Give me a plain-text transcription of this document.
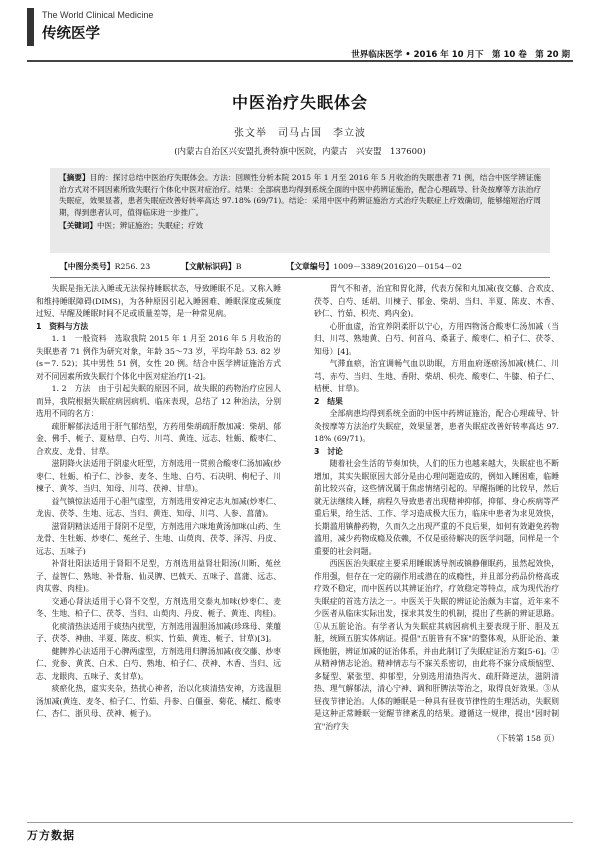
The World Clinical Medicine
传统医学
世界临床医学 • 2016 年 10 月下　第 10 卷　第 20 期
中医治疗失眠体会
张文举　司马占国　李立波
(内蒙古自治区兴安盟扎赉特旗中医院，内蒙古　兴安盟　137600)
【摘要】目的：探讨总结中医治疗失眠体会。方法：回顾性分析本院 2015 年 1 月至 2016 年 5 月收治的失眠患者 71 例，结合中医学辨证施治方式对不同因素所致失眠行个体化中医对症治疗。结果：全部病患均得到系统全面的中医中药辨证施治，配合心理疏导、针灸按摩等方法治疗失眠症，效果显著，患者失眠症改善好转率高达 97.18% (69/71)。结论：采用中医中药辨证施治方式治疗失眠症上疗效确切，能够缩短治疗周期，得到患者认可，值得临床进一步推广。
【关键词】中医；辨证施治；失眠症；疗效
【中图分类号】R256. 23	【文献标识码】B	【文章编号】1009－3389(2016)20－0154－02

失眠是指无法入睡或无法保持睡眠状态，导致睡眠不足。又称入睡和维持睡眠障碍(DIMS)，为各种原因引起入睡困难、睡眠深度或频度过短、早醒及睡眠时间不足或质量差等，是一种常见病。

1　资料与方法

1. 1　一般资料　选取我院 2015 年 1 月至 2016 年 5 月收治的失眠患者 71 例作为研究对象，年龄 35～73 岁，平均年龄 53. 82 岁(s＝7. 52)；其中男性 51 例，女性 20 例。结合中医学辨证施治方式对不同因素所致失眠行个体化中医对症治疗[1-2]。

1. 2　方法　由于引起失眠的原因不同，故失眠的药物治疗应因人而异，我院根据失眠症病因病机、临床表现，总结了 12 种治法，分别选用不同的名方：

疏肝解郁法适用于肝气郁结型，方药用柴胡疏肝散加减：柴胡、郁金、佛手、栀子、夏枯草、白芍、川芎、黄连、远志、牡蛎、酸枣仁、合欢皮、龙骨、甘草。

滋阴降火法适用于阴虚火旺型，方剂选用一贯煎合酸枣仁汤加减(炒枣仁、牡蛎、柏子仁、沙参、麦冬、生地、白芍、石决明、枸杞子、川楝子、黄芩、当归、知母、川芎、茯神、甘草)。

益气镇惊法适用于心胆气虚型，方剂选用安神定志丸加减(炒枣仁、龙齿、茯苓、生地、远志、当归、黄连、知母、川芎、人参、菖蒲)。

滋肾阴精法适用于肾阴不足型，方剂选用六味地黄汤加味(山药、生龙骨、生牡蛎、炒枣仁、菟丝子、生地、山萸肉、茯苓、泽泻、丹皮、远志、五味子)

补肾壮阳法适用于肾阳不足型，方剂选用益肾壮阳汤(川断、菟丝子、益智仁、熟地、补骨脂、仙灵脾、巴戟天、五味子、菖蒲、远志、肉苁蓉、肉桂)。

交通心肾法适用于心肾不交型，方剂选用交泰丸加味(炒枣仁、麦冬、生地、柏子仁、茯苓、当归、山萸肉、丹皮、栀子、黄连、肉桂)。

化痰清热法适用于痰热内扰型，方剂选用温胆汤加减(珍珠母、莱菔子、茯苓、神曲、半夏、陈皮、枳实、竹茹、黄连、栀子、甘草)[3]。

健脾养心法适用于心脾两虚型，方剂选用归脾汤加减(夜交藤、炒枣仁、党参、黄芪、白术、白芍、熟地、柏子仁、茯神、木香、当归、远志、龙眼肉、五味子、炙甘草)。

痰瘀化热，虚实夹杂，热扰心神者，治以化痰清热安神，方选温胆汤加减(黄连、麦冬、柏子仁、竹茹、丹参、白僵蚕、菊花、橘红、酸枣仁、杏仁、浙贝母、茯神、栀子)。

胃气不和者，治宜和胃化滞，代表方保和丸加减(夜交藤、合欢皮、茯苓、白芍、延胡、川楝子、郁金、柴胡、当归、半夏、陈皮、木香、砂仁、竹茹、枳壳、鸡内金)。

心肝血虚，治宜养阴柔肝以宁心，方用四物汤合酸枣仁汤加减（当归、川芎、熟地黄、白芍、何首乌、桑葚子、酸枣仁、柏子仁、茯苓、知母）[4]。

气滞血瘀，治宜调畅气血以助眠，方用血府逐瘀汤加减(桃仁、川芎、赤芍、当归、生地、香附、柴胡、枳壳、酸枣仁、牛膝、柏子仁、桔梗、甘草)。

2　结果

全部病患均得到系统全面的中医中药辨证施治，配合心理疏导、针灸按摩等方法治疗失眠症，效果显著，患者失眠症改善好转率高达 97. 18% (69/71)。

3　讨论

随着社会生活的节奏加快，人们的压力也越来越大，失眠症也不断增加，其实失眠原因大部分是由心理问题造成的，例如入睡困难，临睡前比较兴奋，这些情况属于焦虑情绪引起的。早醒指睡的比较早，然后就无法继续入睡，病程久导致患者出现精神抑郁，抑郁、身心疾病等严重后果，给生活、工作、学习造成极大压力，临床中患者为求见效快，长期滥用镇静药物，久而久之出现严重的不良后果，如何有效避免药物滥用，减少药物成瘾及依赖，不仅是亟待解决的医学问题，同样是一个重要的社会问题。

西医医治失眠症主要采用睡眠诱导剂或镇静催眠药，虽然起效快，作用强，但存在一定的副作用或潜在的成瘾性，并且部分药品价格高或疗效不稳定，而中医药以其辨证治疗，疗效稳定等特点，成为现代治疗失眠症的首选方法之一。中医关于失眠的辨证论治颇为丰富，近年来不少医者从临床实际出发，探求其发生的机制，提出了些新的辨证思路。①从五脏论治。有学者认为失眠症其病因病机主要表现于肝、胆及五脏，统顾五脏实体病证。提倡"五脏皆有不寐"的整体观，从肝论治、兼顾他脏，辨证加减的证治体系，并由此制订了失眠症证治方案[5-6]。②从精神情志论治。精神情志与不寐关系密切，由此将不寐分成烦恼型、多疑型、紧张型、抑郁型，分别选用清热泻火、疏肝降逆法，滋阴清热、理气解郁法，清心宁神、调和肝脾法等治之，取得良好效果。③从昼夜节律论治。人体的睡眠是一种具有昼夜节律性的生理活动，失眠则是这种正常睡眠一觉醒节律紊乱的结果。遵循这一规律，提出"因时制宜"治疗失

（下转第 158 页）

万方数据
